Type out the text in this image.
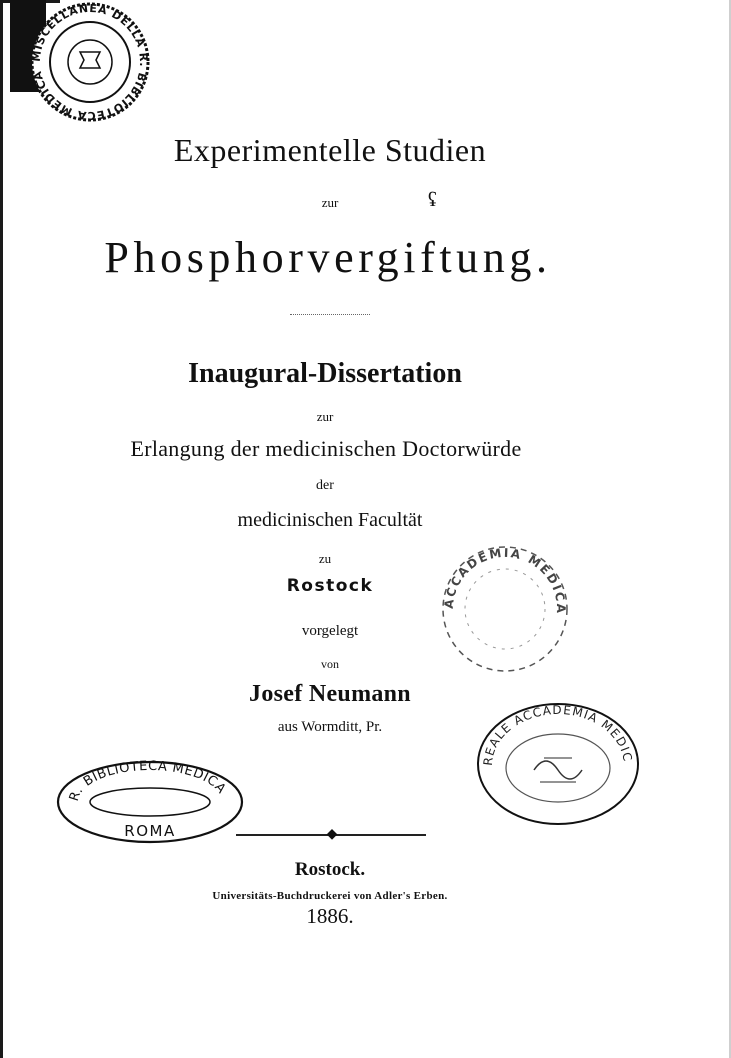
MISCELLANEA DELLA R. BIBLIOTECA MEDICA
Experimentelle Studien
zur	ʢ
Phosphorvergiftung.
Inaugural-Dissertation
zur
Erlangung der medicinischen Doctorwürde
der
medicinischen Facultät
zu
Rostock
vorgelegt
von
Josef Neumann
aus Wormditt, Pr.
ACCADEMIA MEDICA
REALE ACCADEMIA MEDICA DI ROMA
R. BIBLIOTECA MEDICA
ROMA	◆
Rostock.
Universitäts-Buchdruckerei von Adler's Erben.
1886.
